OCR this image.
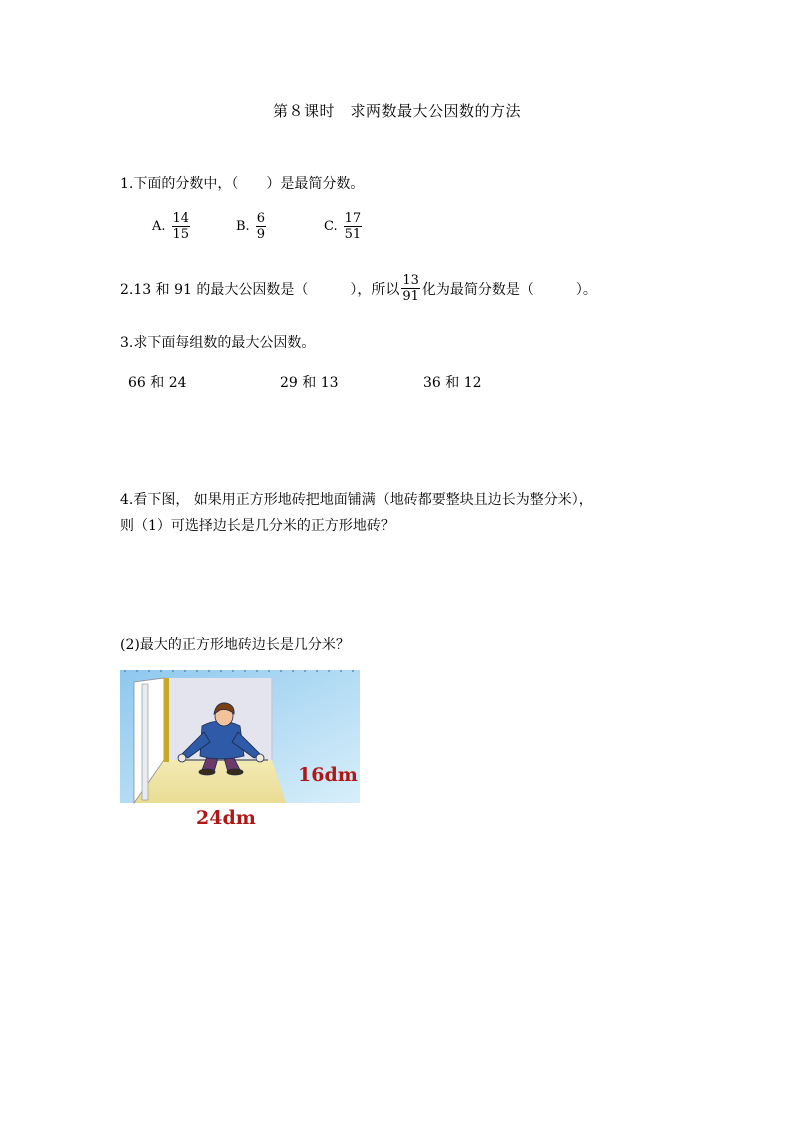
第８课时　求两数最大公因数的方法
1.下面的分数中，（　　）是最简分数。
A. $\frac{14}{15}$	B. $\frac{6}{9}$	C. $\frac{17}{51}$
2.13 和 91 的最大公因数是（　　　），所以 $\frac{13}{91}$ 化为最简分数是（　　　）。
3.求下面每组数的最大公因数。
66 和 24	29 和 13	36 和 12
4.看下图， 如果用正方形地砖把地面铺满（地砖都要整块且边长为整分米），
则（1）可选择边长是几分米的正方形地砖？
(2)最大的正方形地砖边长是几分米？
16dm
24dm
